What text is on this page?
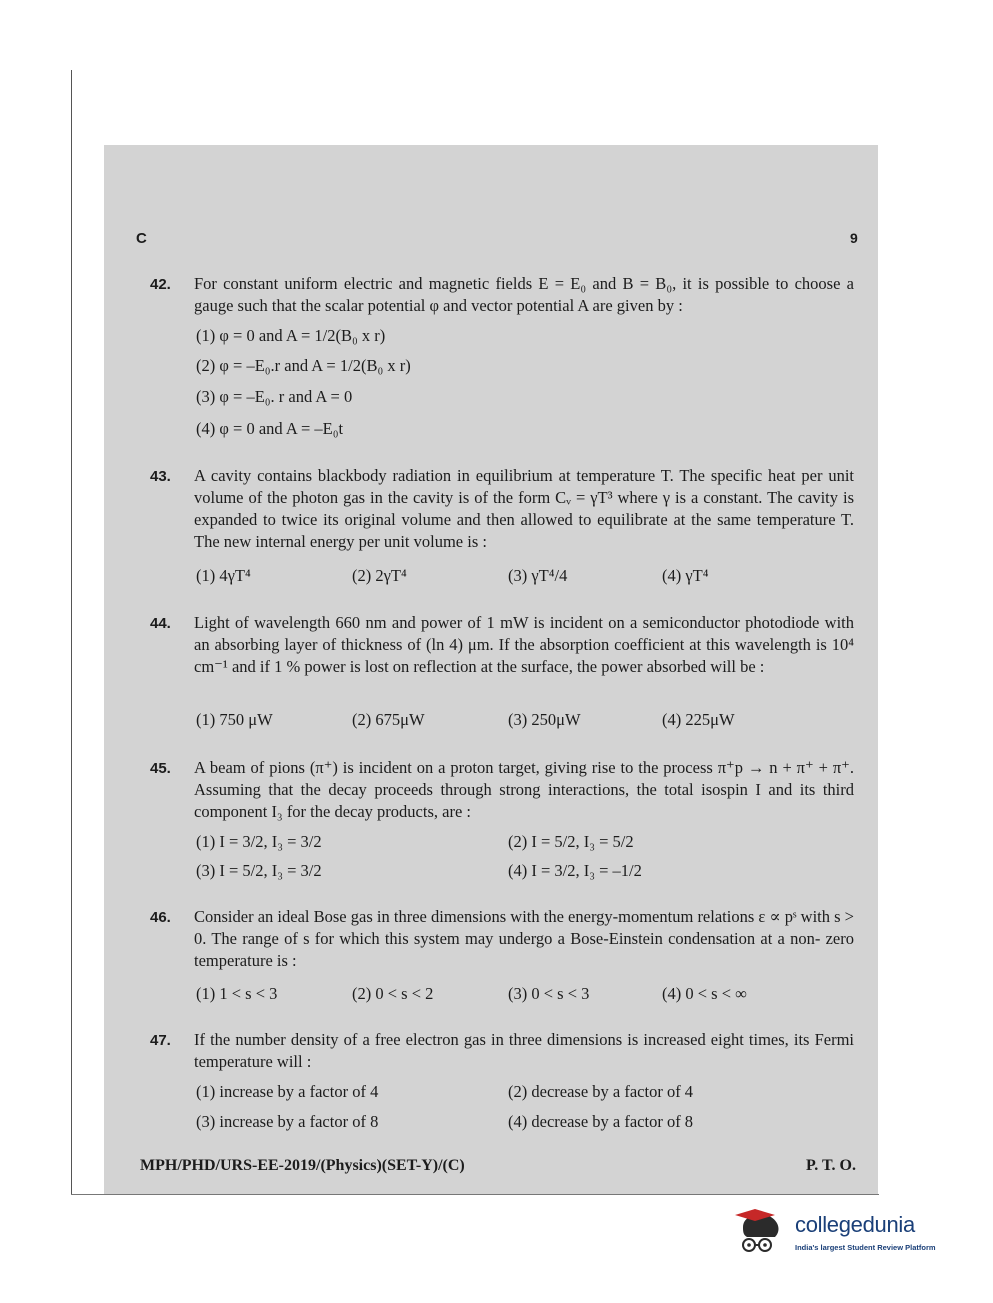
C	9
42. For constant uniform electric and magnetic fields E = E₀ and B = B₀, it is possible to choose a gauge such that the scalar potential φ and vector potential A are given by :
(1) φ = 0 and A = 1/2(B₀ x r)
(2) φ = –E₀.r and A = 1/2(B₀ x r)
(3) φ = –E₀. r and A = 0
(4) φ = 0 and A = –E₀t
43. A cavity contains blackbody radiation in equilibrium at temperature T. The specific heat per unit volume of the photon gas in the cavity is of the form Cᵥ = γT³ where γ is a constant. The cavity is expanded to twice its original volume and then allowed to equilibrate at the same temperature T. The new internal energy per unit volume is :
(1) 4γT⁴	(2) 2γT⁴	(3) γT⁴/4	(4) γT⁴
44. Light of wavelength 660 nm and power of 1 mW is incident on a semiconductor photodiode with an absorbing layer of thickness of (ln 4) μm. If the absorption coefficient at this wavelength is 10⁴ cm⁻¹ and if 1 % power is lost on reflection at the surface, the power absorbed will be :
(1) 750 μW	(2) 675μW	(3) 250μW	(4) 225μW
45. A beam of pions (π⁺) is incident on a proton target, giving rise to the process π⁺p → n + π⁺ + π⁺. Assuming that the decay proceeds through strong interactions, the total isospin I and its third component I₃ for the decay products, are :
(1) I = 3/2, I₃ = 3/2	(2) I = 5/2, I₃ = 5/2
(3) I = 5/2, I₃ = 3/2	(4) I = 3/2, I₃ = –1/2
46. Consider an ideal Bose gas in three dimensions with the energy-momentum relations ε ∝ pˢ with s > 0. The range of s for which this system may undergo a Bose-Einstein condensation at a non- zero temperature is :
(1) 1 < s < 3	(2) 0 < s < 2	(3) 0 < s < 3	(4) 0 < s < ∞
47. If the number density of a free electron gas in three dimensions is increased eight times, its Fermi temperature will :
(1) increase by a factor of 4	(2) decrease by a factor of 4
(3) increase by a factor of 8	(4) decrease by a factor of 8
MPH/PHD/URS-EE-2019/(Physics)(SET-Y)/(C)	P. T. O.
collegedunia
India's largest Student Review Platform
